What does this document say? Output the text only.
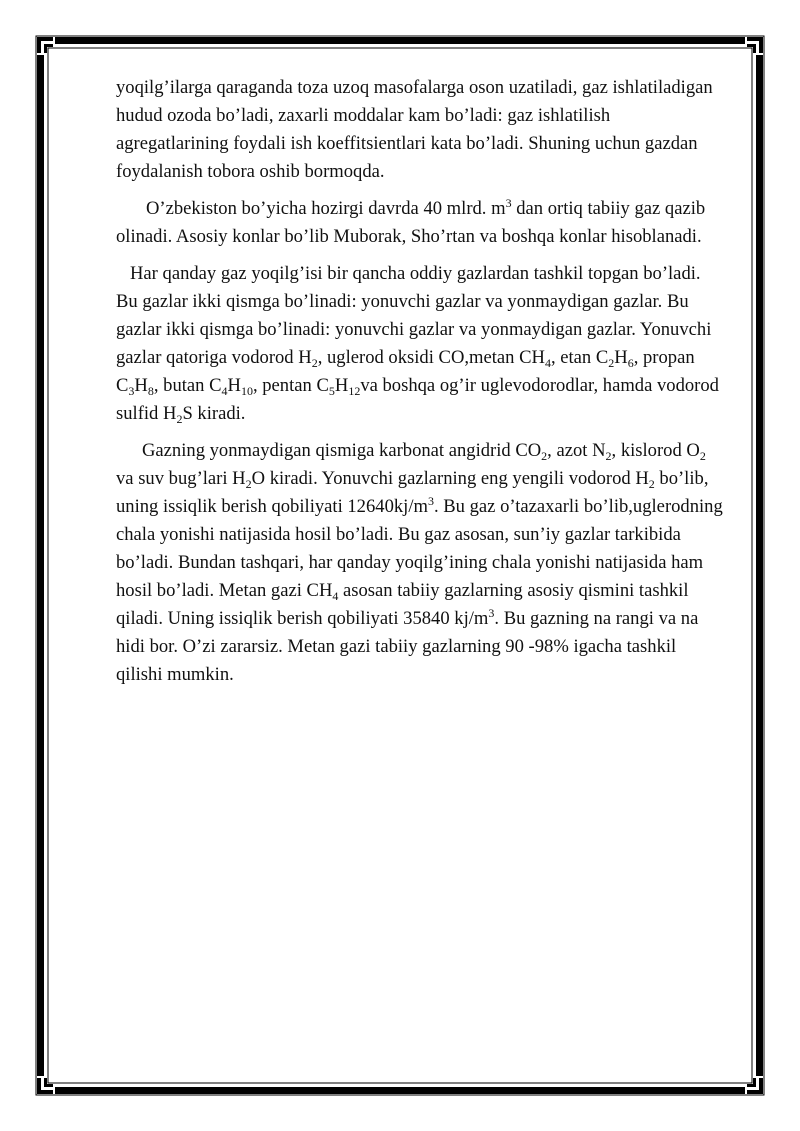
yoqilg’ilarga qaraganda toza uzoq masofalarga oson uzatiladi, gaz ishlatiladigan hudud ozoda bo’ladi, zaxarli moddalar kam bo’ladi: gaz ishlatilish agregatlarining foydali ish koeffitsientlari kata bo’ladi. Shuning uchun gazdan foydalanish tobora oshib bormoqda.

O’zbekiston bo’yicha hozirgi davrda 40 mlrd. $m^3$ dan ortiq tabiiy gaz qazib olinadi. Asosiy konlar bo’lib Muborak, Sho’rtan va boshqa konlar hisoblanadi.

Har qanday gaz yoqilg’isi bir qancha oddiy gazlardan tashkil topgan bo’ladi. Bu gazlar ikki qismga bo’linadi: yonuvchi gazlar va yonmaydigan gazlar. Bu gazlar ikki qismga bo’linadi: yonuvchi gazlar va yonmaydigan gazlar. Yonuvchi gazlar qatoriga vodorod $H_2$, uglerod oksidi CO,metan $CH_4$, etan $C_2H_6$, propan $C_3H_8$, butan $C_4H_{10}$, pentan $C_5H_{12}va$ boshqa og’ir uglevodorodlar, hamda vodorod sulfid $H_2S$ kiradi.

Gazning yonmaydigan qismiga karbonat angidrid $CO_2$, azot $N_2$, kislorod $O_2$ va suv bug’lari $H_2O$ kiradi. Yonuvchi gazlarning eng yengili vodorod $H_2$ bo’lib, uning issiqlik berish qobiliyati $12640kj/m^3$. Bu gaz o’tazaxarli bo’lib,uglerodning chala yonishi natijasida hosil bo’ladi. Bu gaz asosan, sun’iy gazlar tarkibida bo’ladi. Bundan tashqari, har qanday yoqilg’ining chala yonishi natijasida ham hosil bo’ladi. Metan gazi $CH_4$ asosan tabiiy gazlarning asosiy qismini tashkil qiladi. Uning issiqlik berish qobiliyati 35840 $kj/m^3$. Bu gazning na rangi va na hidi bor. O’zi zararsiz. Metan gazi tabiiy gazlarning 90 -98% igacha tashkil qilishi mumkin.
